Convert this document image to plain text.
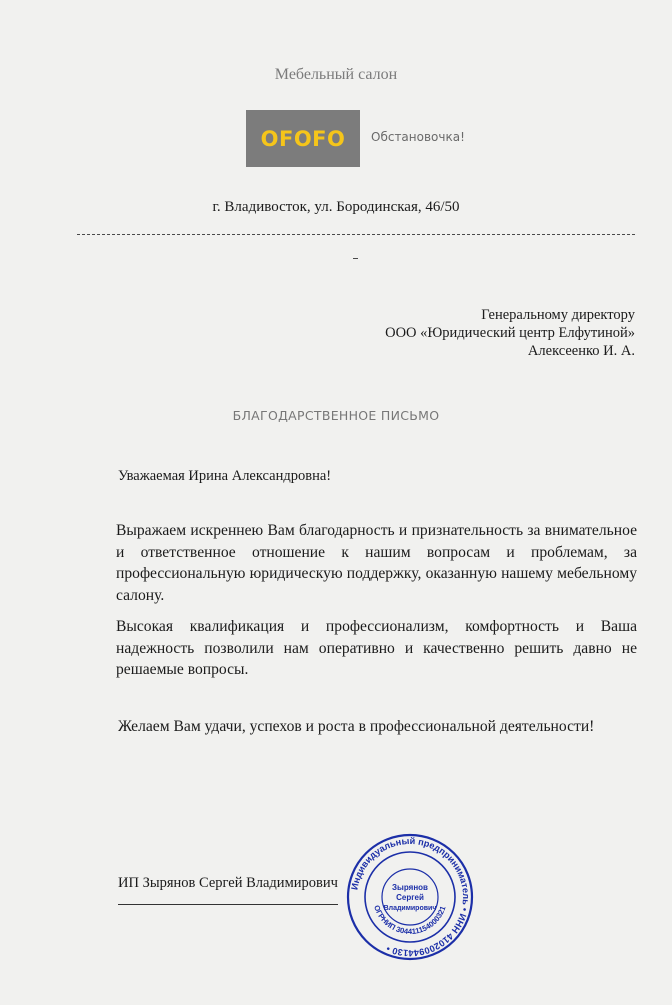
Мебельный салон
OFOFO Обстановочка!
г. Владивосток, ул. Бородинская, 46/50
Генеральному директору
ООО «Юридический центр Елфутиной»
Алексеенко И. А.
БЛАГОДАРСТВЕННОЕ ПИСЬМО
Уважаемая Ирина Александровна!

Выражаем искреннею Вам благодарность и признательность за внимательное и ответственное отношение к нашим вопросам и проблемам, за профессиональную юридическую поддержку, оказанную нашему мебельному салону.

Высокая квалификация и профессионализм, комфортность и Ваша надежность позволили нам оперативно и качественно решить давно не решаемые вопросы.

Желаем Вам удачи, успехов и роста в профессиональной деятельности!
ИП Зырянов Сергей Владимирович Индивидуальный предприниматель • ИНН 410200944130 •
ОГРНИП 304411154000321
Зырянов
Сергей
Владимирович
